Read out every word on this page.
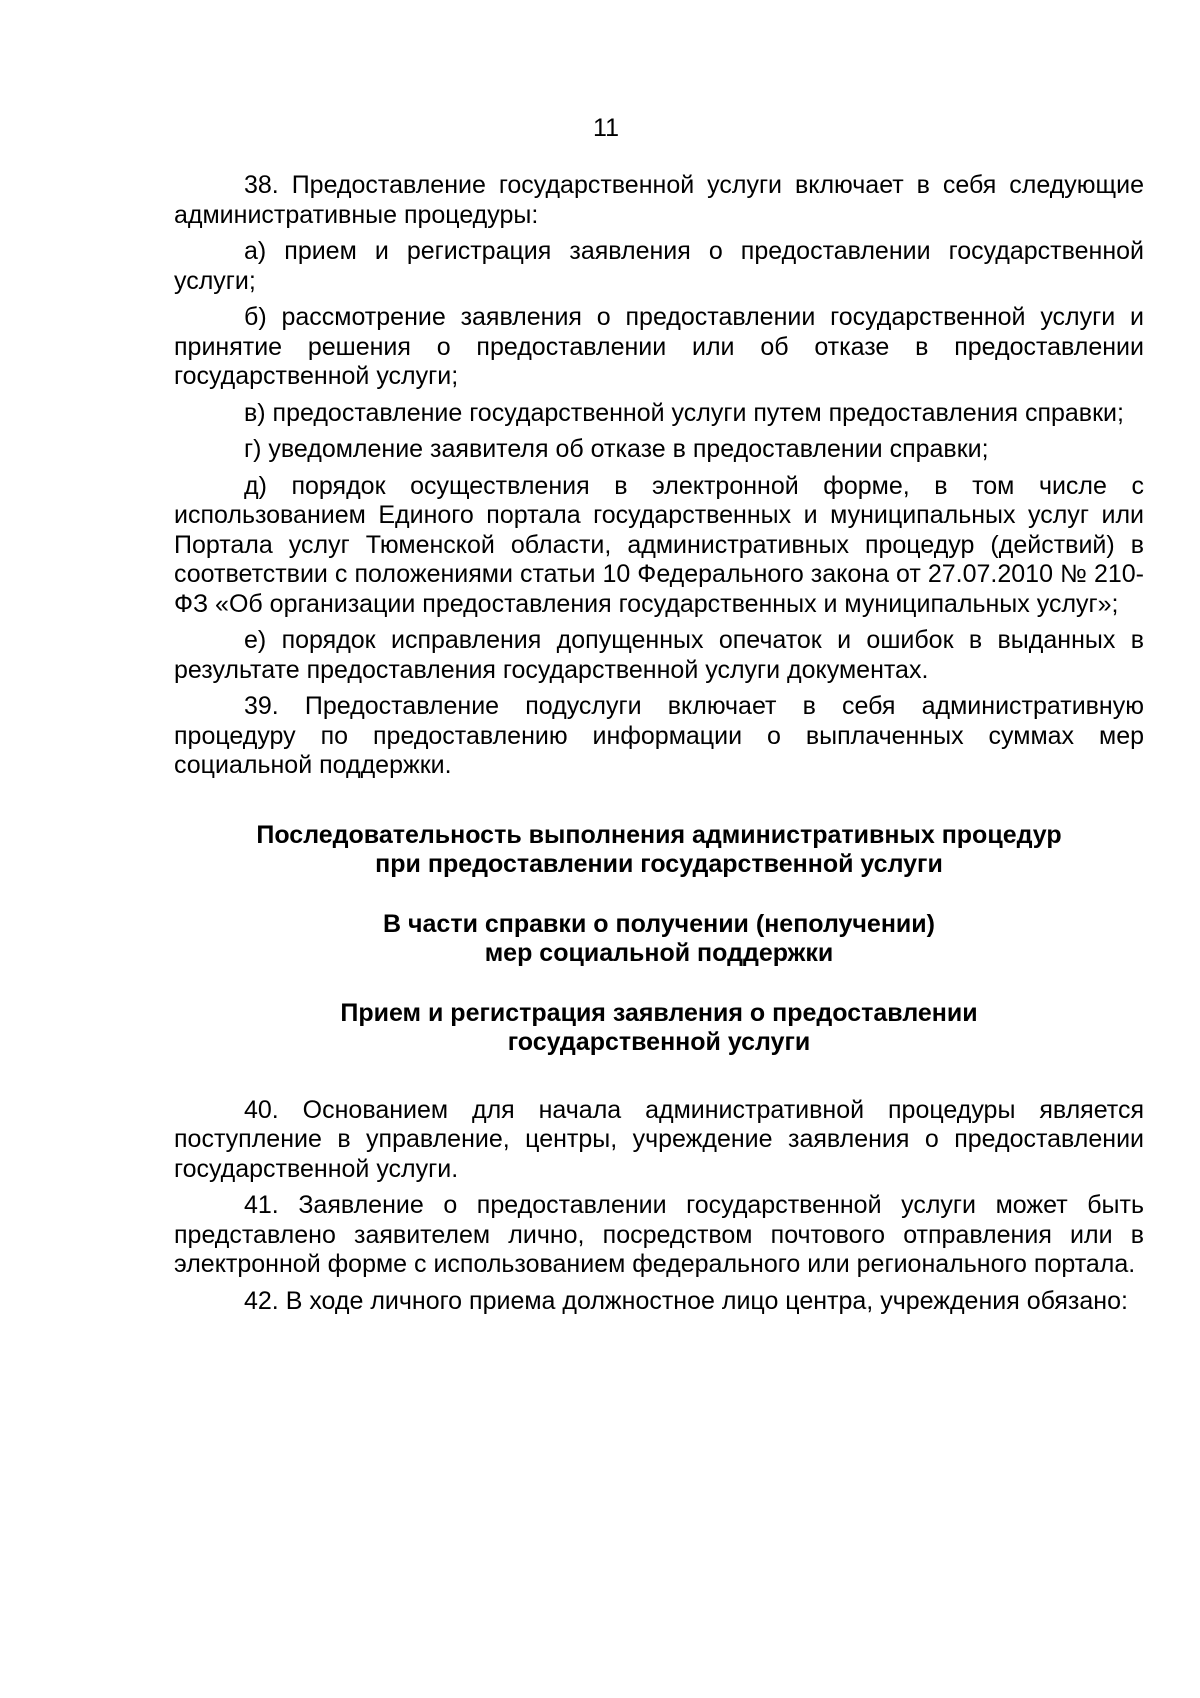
11

38. Предоставление государственной услуги включает в себя следующие административные процедуры:

а) прием и регистрация заявления о предоставлении государственной услуги;

б) рассмотрение заявления о предоставлении государственной услуги и принятие решения о предоставлении или об отказе в предоставлении государственной услуги;

в) предоставление государственной услуги путем предоставления справки;

г) уведомление заявителя об отказе в предоставлении справки;

д) порядок осуществления в электронной форме, в том числе с использованием Единого портала государственных и муниципальных услуг или Портала услуг Тюменской области, административных процедур (действий) в соответствии с положениями статьи 10 Федерального закона от 27.07.2010 № 210-ФЗ «Об организации предоставления государственных и муниципальных услуг»;

е) порядок исправления допущенных опечаток и ошибок в выданных в результате предоставления государственной услуги документах.

39. Предоставление подуслуги включает в себя административную процедуру по предоставлению информации о выплаченных суммах мер социальной поддержки.

Последовательность выполнения административных процедур

при предоставлении государственной услуги

В части справки о получении (неполучении)

мер социальной поддержки

Прием и регистрация заявления о предоставлении

государственной услуги

40. Основанием для начала административной процедуры является поступление в управление, центры, учреждение заявления о предоставлении государственной услуги.

41. Заявление о предоставлении государственной услуги может быть представлено заявителем лично, посредством почтового отправления или в электронной форме с использованием федерального или регионального портала.

42. В ходе личного приема должностное лицо центра, учреждения обязано:
